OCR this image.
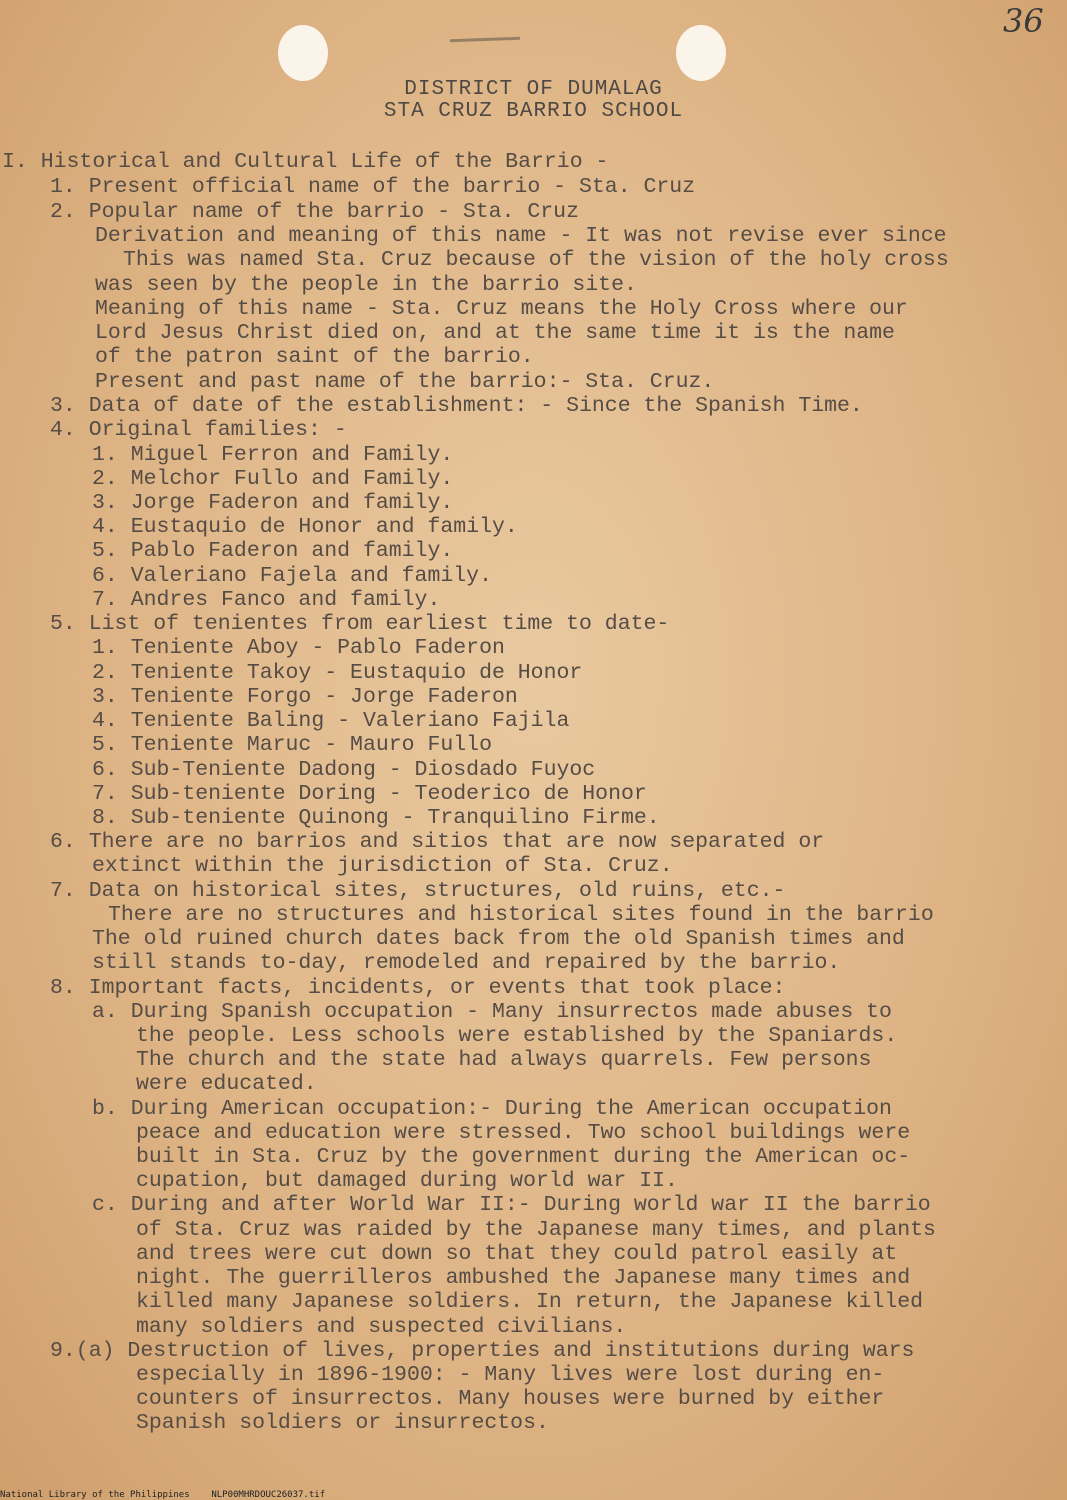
36
DISTRICT OF DUMALAG
STA CRUZ BARRIO SCHOOL
I. Historical and Cultural Life of the Barrio -
1. Present official name of the barrio - Sta. Cruz
2. Popular name of the barrio - Sta. Cruz
Derivation and meaning of this name - It was not revise ever since
This was named Sta. Cruz because of the vision of the holy cross
was seen by the people in the barrio site.
Meaning of this name - Sta. Cruz means the Holy Cross where our
Lord Jesus Christ died on, and at the same time it is the name
of the patron saint of the barrio.
Present and past name of the barrio:- Sta. Cruz.
3. Data of date of the establishment: - Since the Spanish Time.
4. Original families: -
1. Miguel Ferron and Family.
2. Melchor Fullo and Family.
3. Jorge Faderon and family.
4. Eustaquio de Honor and family.
5. Pablo Faderon and family.
6. Valeriano Fajela and family.
7. Andres Fanco and family.
5. List of tenientes from earliest time to date-
1. Teniente Aboy - Pablo Faderon
2. Teniente Takoy - Eustaquio de Honor
3. Teniente Forgo - Jorge Faderon
4. Teniente Baling - Valeriano Fajila
5. Teniente Maruc - Mauro Fullo
6. Sub-Teniente Dadong - Diosdado Fuyoc
7. Sub-teniente Doring - Teoderico de Honor
8. Sub-teniente Quinong - Tranquilino Firme.
6. There are no barrios and sitios that are now separated or
extinct within the jurisdiction of Sta. Cruz.
7. Data on historical sites, structures, old ruins, etc.-
There are no structures and historical sites found in the barrio
The old ruined church dates back from the old Spanish times and
still stands to-day, remodeled and repaired by the barrio.
8. Important facts, incidents, or events that took place:
a. During Spanish occupation - Many insurrectos made abuses to
the people. Less schools were established by the Spaniards.
The church and the state had always quarrels. Few persons
were educated.
b. During American occupation:- During the American occupation
peace and education were stressed. Two school buildings were
built in Sta. Cruz by the government during the American oc-
cupation, but damaged during world war II.
c. During and after World War II:- During world war II the barrio
of Sta. Cruz was raided by the Japanese many times, and plants
and trees were cut down so that they could patrol easily at
night. The guerrilleros ambushed the Japanese many times and
killed many Japanese soldiers. In return, the Japanese killed
many soldiers and suspected civilians.
9.(a) Destruction of lives, properties and institutions during wars
especially in 1896-1900: - Many lives were lost during en-
counters of insurrectos. Many houses were burned by either
Spanish soldiers or insurrectos.
National Library of the Philippines    NLP00MHRDOUC26037.tif
